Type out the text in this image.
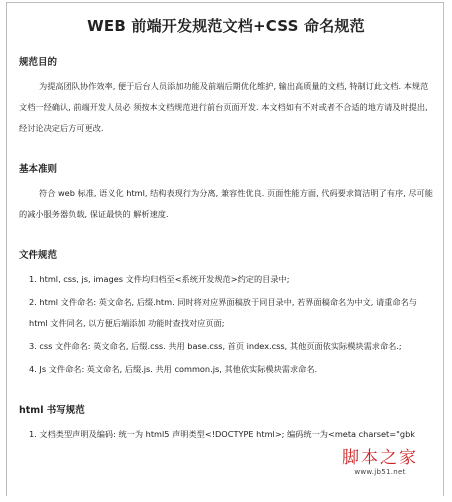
WEB 前端开发规范文档+CSS 命名规范
规范目的

为提高团队协作效率, 便于后台人员添加功能及前端后期优化维护, 输出高质量的文档, 特制订此文档. 本规范文档一经确认, 前端开发人员必 须按本文档规范进行前台页面开发. 本文档如有不对或者不合适的地方请及时提出, 经讨论决定后方可更改.

基本准则

符合 web 标准, 语义化 html, 结构表现行为分离, 兼容性优良. 页面性能方面, 代码要求简洁明了有序, 尽可能的减小服务器负载, 保证最快的 解析速度.

文件规范

1. html, css, js, images 文件均归档至<系统开发规范>约定的目录中;

2. html 文件命名: 英文命名, 后缀.htm. 同时将对应界面稿放于同目录中, 若界面稿命名为中文, 请重命名与 html 文件同名, 以方便后端添加 功能时查找对应页面;

3. css 文件命名: 英文命名, 后缀.css. 共用 base.css, 首页 index.css, 其他页面依实际模块需求命名.;

4. Js 文件命名: 英文命名, 后缀.js. 共用 common.js, 其他依实际模块需求命名.

html 书写规范

1. 文档类型声明及编码: 统一为 html5 声明类型<!DOCTYPE html>; 编码统一为<meta charset="gbk

脚本之家
www.jb51.net
